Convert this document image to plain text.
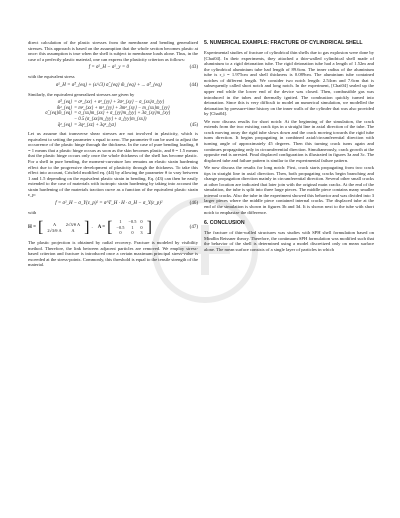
direct calculation of the plastic stresses from the membrane and bending generalized stresses. This approach is based on the assumption that the whole section becomes plastic at once: this assumption is true when the shell is subject to membrane loads alone. Thus, in the case of a perfectly plastic material, one can express the plasticity criterion as follows:

f = σ²_H − σ²_y = 0	(43)

with the equivalent stress

σ²_H = σ̂²_{eq} + (s/√3) σ̂_{eq} m̂_{eq} + ... σ̂²_{eq}	(44)

Similarly, the equivalent generalized stresses are given by

σ̂²_{eq} = σ²_{xx} + σ²_{yy} + 3σ²_{xy} − σ_{xx}σ_{yy}
m̂²_{eq} = m²_{xx} + m²_{yy} + 3m²_{xy} − m_{xx}m_{yy}
σ̂_{eq}m̂_{eq} = σ_{xx}m_{xx} + σ_{yy}m_{yy} + 3σ_{xy}m_{xy}
− 0.5 (σ_{xx}m_{yy} + σ_{yy}m_{xx})
q̂²_{eq} = 3q²_{xz} + 3q²_{yz}	(45)

Let us assume that transverse shear stresses are not involved in plasticity, which is equivalent to setting the parameter s equal to zero. The parameter θ can be used to adjust the occurrence of the plastic hinge through the thickness. In the case of pure bending loading, θ = 1 means that a plastic hinge occurs as soon as the skin becomes plastic, and θ = 1.5 means that the plastic hinge occurs only once the whole thickness of the shell has become plastic. For a shell in pure bending, the moment-curvature law remains an elastic strain hardening effect due to the progressive development of plasticity through the thickness. To take this effect into account, Crisfield modified eq. (44) by allowing the parameter θ to vary between 1 and 1.5 depending on the equivalent plastic strain in bending. Eq. (43) can then be easily extended to the case of materials with isotropic strain hardening by taking into account the strain hardening of the materials traction curve as a function of the equivalent plastic strain ε_p:

f = σ²_H − σ_Y(ε_p)² = σ^T_H · H · σ_H − σ_Y(ε_p)²	(46)

with

H = [ A	2√3/θ A
2√3/θ A	A ] . A = [ 1	−0.5	0
−0.5	1	0
0	0	3 ]	(47)

The plastic projection is obtained by radial recovery. Fracture is modeled by visibility method. Therefore, the link between adjacent particles are removed. We employ stress-based criterion and fracture is introduced once a certain maximum principal stress-value is exceeded at the stress-points. Commonly, this threshold is equal to the tensile strength of the material.

5. NUMERICAL EXAMPLE: FRACTURE OF CYLINDRICAL SHELL

Experimental studies of fracture of cylindrical thin shells due to gas explosion were done by [Chai04]. In their experiments, they attached a thin-walled cylindrical shell made of aluminium to a rigid detonation tube. The rigid detonation tube had a length of 1.52m and the cylindrical aluminium tube had length of 89.6cm. The inner radius of the aluminium tube is r_i = 1.975cm and shell thickness is 0.089cm. The aluminium tube contained notches of different length. We consider two notch length: 2.54cm and 7.6cm that is subsequently called short notch and long notch. In the experiment, [Chai04] sealed up the upper end while the lower end of the device was closed. Then, combustible gas was introduced in the tubes and thermally ignited. The combustion quickly turned into detonation. Since this is very difficult to model an numerical simulation, we modelled the detonation by pressure-time history on the inner walls of the cylinder that was also provided by [Chai04].

We now discuss results for short notch: At the beginning of the simulation, the crack extends from the two existing crack tips in a straight line in axial direction of the tube. The crack moving away the rigid tube slows down and the crack moving towards the rigid tube turns direction. It begins propagating in combined axial/circumferential direction with turning angle of approximately 45 degrees. Then this turning crack turns again and continues propagating only in circumferential direction. Simultaneously, crack growth at the opposite end is arrested. Final displaced configuration is illustrated in figures 3a and 3c. The displaced tube and failure pattern is similar to the experimental failure pattern.

We now discuss the results for long notch: First, crack starts propagating from two crack tips in straight line in axial direction. Then, both propagating cracks begin branching and change propagation direction mainly in circumferential direction. Several other small cracks at other location are indicated that later join with the original main cracks. At the end of the simulation, the tube is split into three large pieces. The middle piece contains many smaller internal cracks. Also the tube in the experiment showed this behavior and was divided into 3 larger pieces where the middle piece contained internal cracks. The displaced tube at the end of the simulation is shown in figures 3b and 3d. It is shown next to the tube with short notch to emphasize the difference.

6. CONCLUSION

The fracture of thin-walled structures was studies with SPH shell formulation based on Mindlin Reissner theory. Therefore, the continuum SPH formulation was modified such that the behavior of the shell is determined using a model discretized only on mean surface alone. The mean surface consists of a single layer of particles in which
